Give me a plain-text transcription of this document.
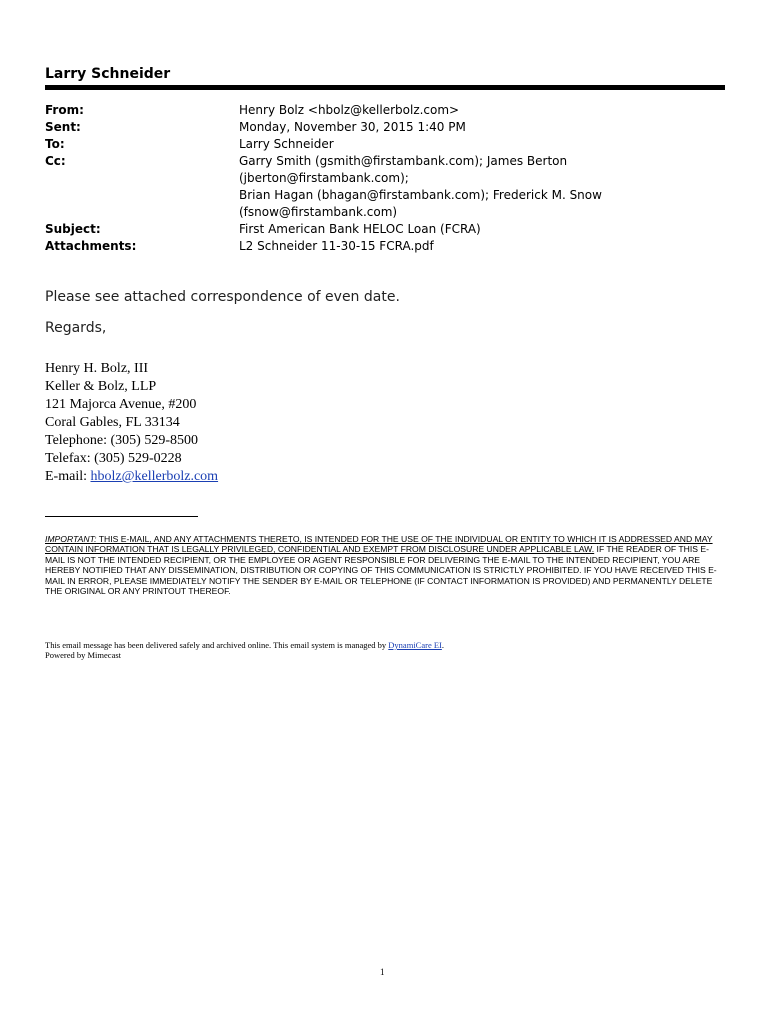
Larry Schneider
From:	Henry Bolz <hbolz@kellerbolz.com>
Sent:	Monday, November 30, 2015 1:40 PM
To:	Larry Schneider
Cc:	Garry Smith (gsmith@firstambank.com); James Berton (jberton@firstambank.com);
Brian Hagan (bhagan@firstambank.com); Frederick M. Snow (fsnow@firstambank.com)
Subject:	First American Bank HELOC Loan (FCRA)
Attachments:	L2 Schneider 11-30-15 FCRA.pdf

Please see attached correspondence of even date.

Regards,

Henry H. Bolz, III
Keller & Bolz, LLP
121 Majorca Avenue, #200
Coral Gables, FL 33134
Telephone: (305) 529-8500
Telefax: (305) 529-0228
E-mail: hbolz@kellerbolz.com
IMPORTANT: THIS E-MAIL, AND ANY ATTACHMENTS THERETO, IS INTENDED FOR THE USE OF THE INDIVIDUAL OR ENTITY TO WHICH IT IS ADDRESSED AND MAY CONTAIN INFORMATION THAT IS LEGALLY PRIVILEGED, CONFIDENTIAL AND EXEMPT FROM DISCLOSURE UNDER APPLICABLE LAW. IF THE READER OF THIS E-MAIL IS NOT THE INTENDED RECIPIENT, OR THE EMPLOYEE OR AGENT RESPONSIBLE FOR DELIVERING THE E-MAIL TO THE INTENDED RECIPIENT, YOU ARE HEREBY NOTIFIED THAT ANY DISSEMINATION, DISTRIBUTION OR COPYING OF THIS COMMUNICATION IS STRICTLY PROHIBITED. IF YOU HAVE RECEIVED THIS E-MAIL IN ERROR, PLEASE IMMEDIATELY NOTIFY THE SENDER BY E-MAIL OR TELEPHONE (IF CONTACT INFORMATION IS PROVIDED) AND PERMANENTLY DELETE THE ORIGINAL OR ANY PRINTOUT THEREOF.
This email message has been delivered safely and archived online. This email system is managed by DynamiCare EI.
Powered by Mimecast
1
